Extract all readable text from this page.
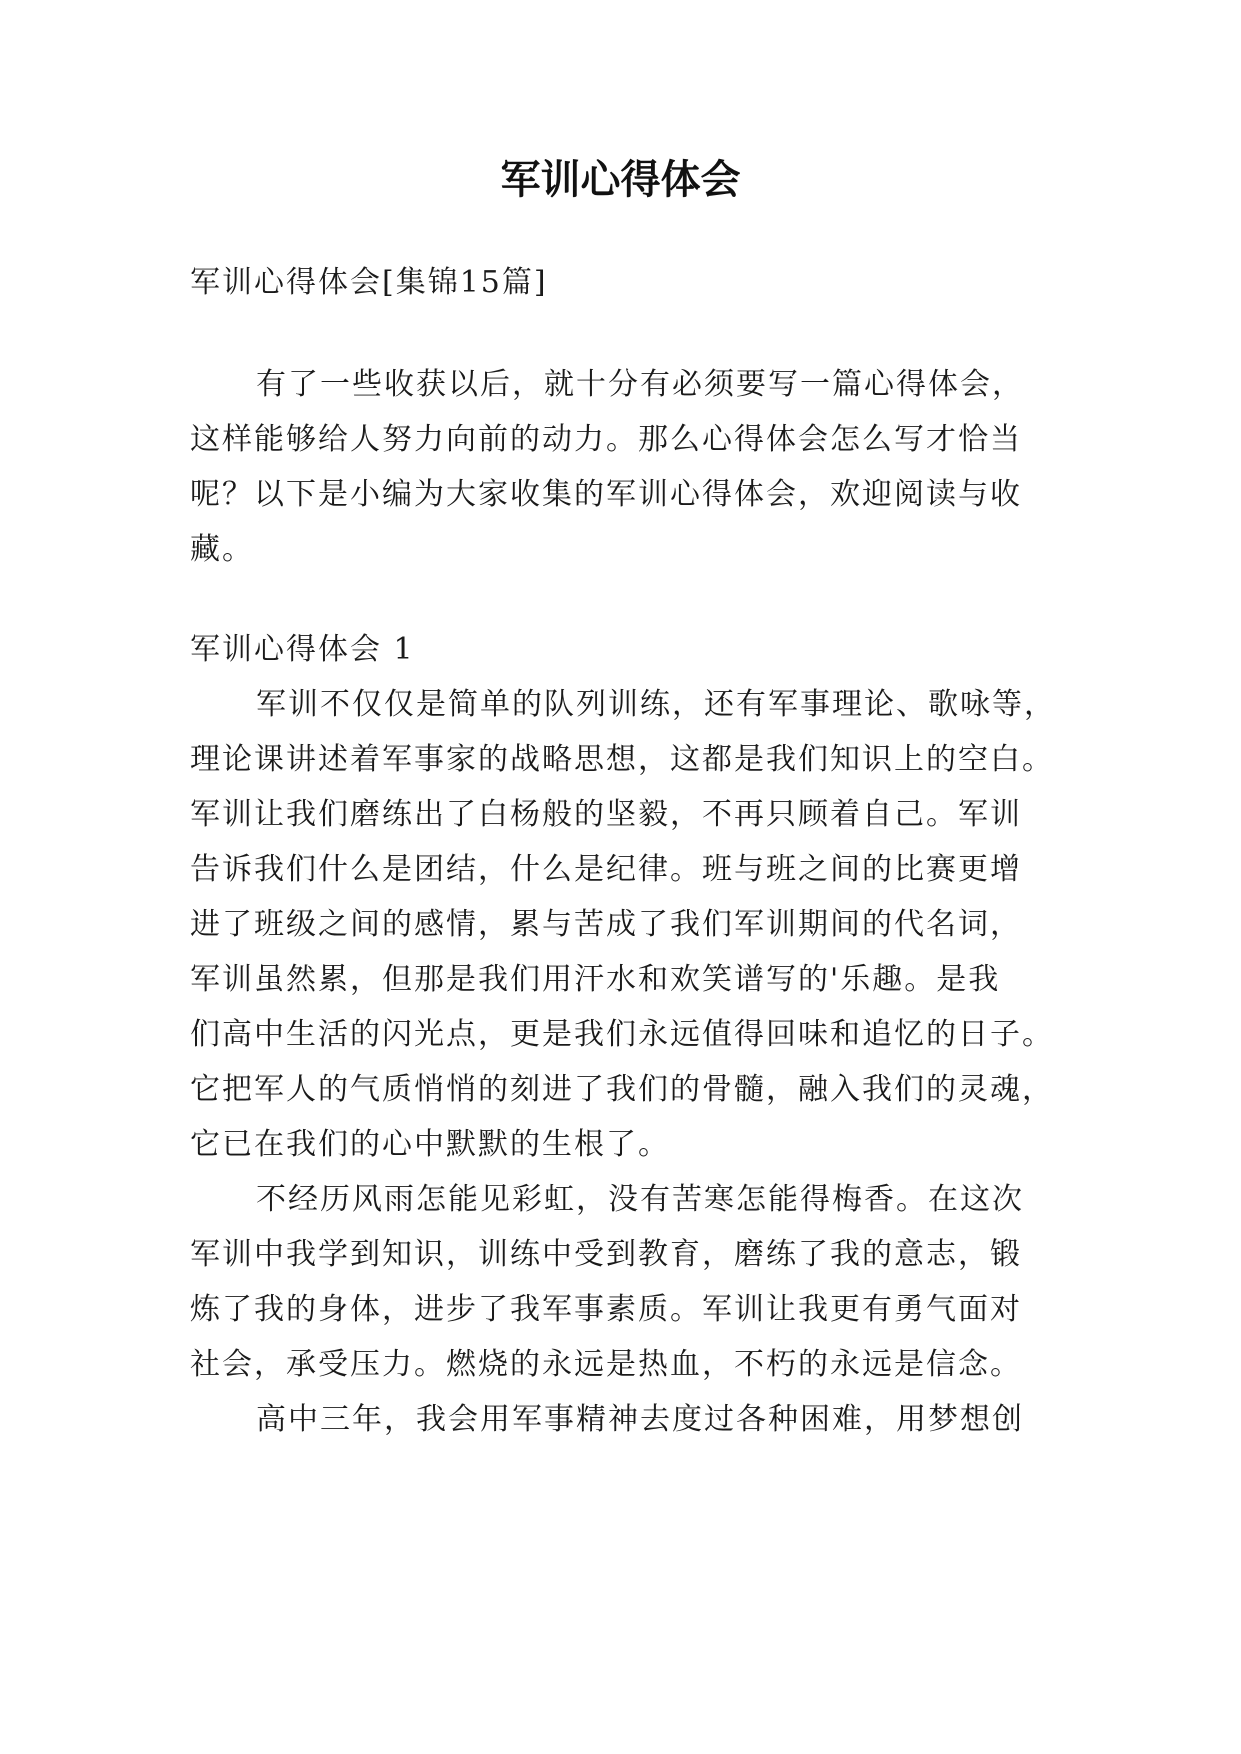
军训心得体会
军训心得体会[集锦15篇]
有了一些收获以后，就十分有必须要写一篇心得体会，
这样能够给人努力向前的动力。那么心得体会怎么写才恰当
呢？以下是小编为大家收集的军训心得体会，欢迎阅读与收
藏。
军训心得体会 1
军训不仅仅是简单的队列训练，还有军事理论、歌咏等，
理论课讲述着军事家的战略思想，这都是我们知识上的空白。
军训让我们磨练出了白杨般的坚毅，不再只顾着自己。军训
告诉我们什么是团结，什么是纪律。班与班之间的比赛更增
进了班级之间的感情，累与苦成了我们军训期间的代名词，
军训虽然累，但那是我们用汗水和欢笑谱写的'乐趣。是我
们高中生活的闪光点，更是我们永远值得回味和追忆的日子。
它把军人的气质悄悄的刻进了我们的骨髓，融入我们的灵魂，
它已在我们的心中默默的生根了。
不经历风雨怎能见彩虹，没有苦寒怎能得梅香。在这次
军训中我学到知识，训练中受到教育，磨练了我的意志，锻
炼了我的身体，进步了我军事素质。军训让我更有勇气面对
社会，承受压力。燃烧的永远是热血，不朽的永远是信念。
高中三年，我会用军事精神去度过各种困难，用梦想创
